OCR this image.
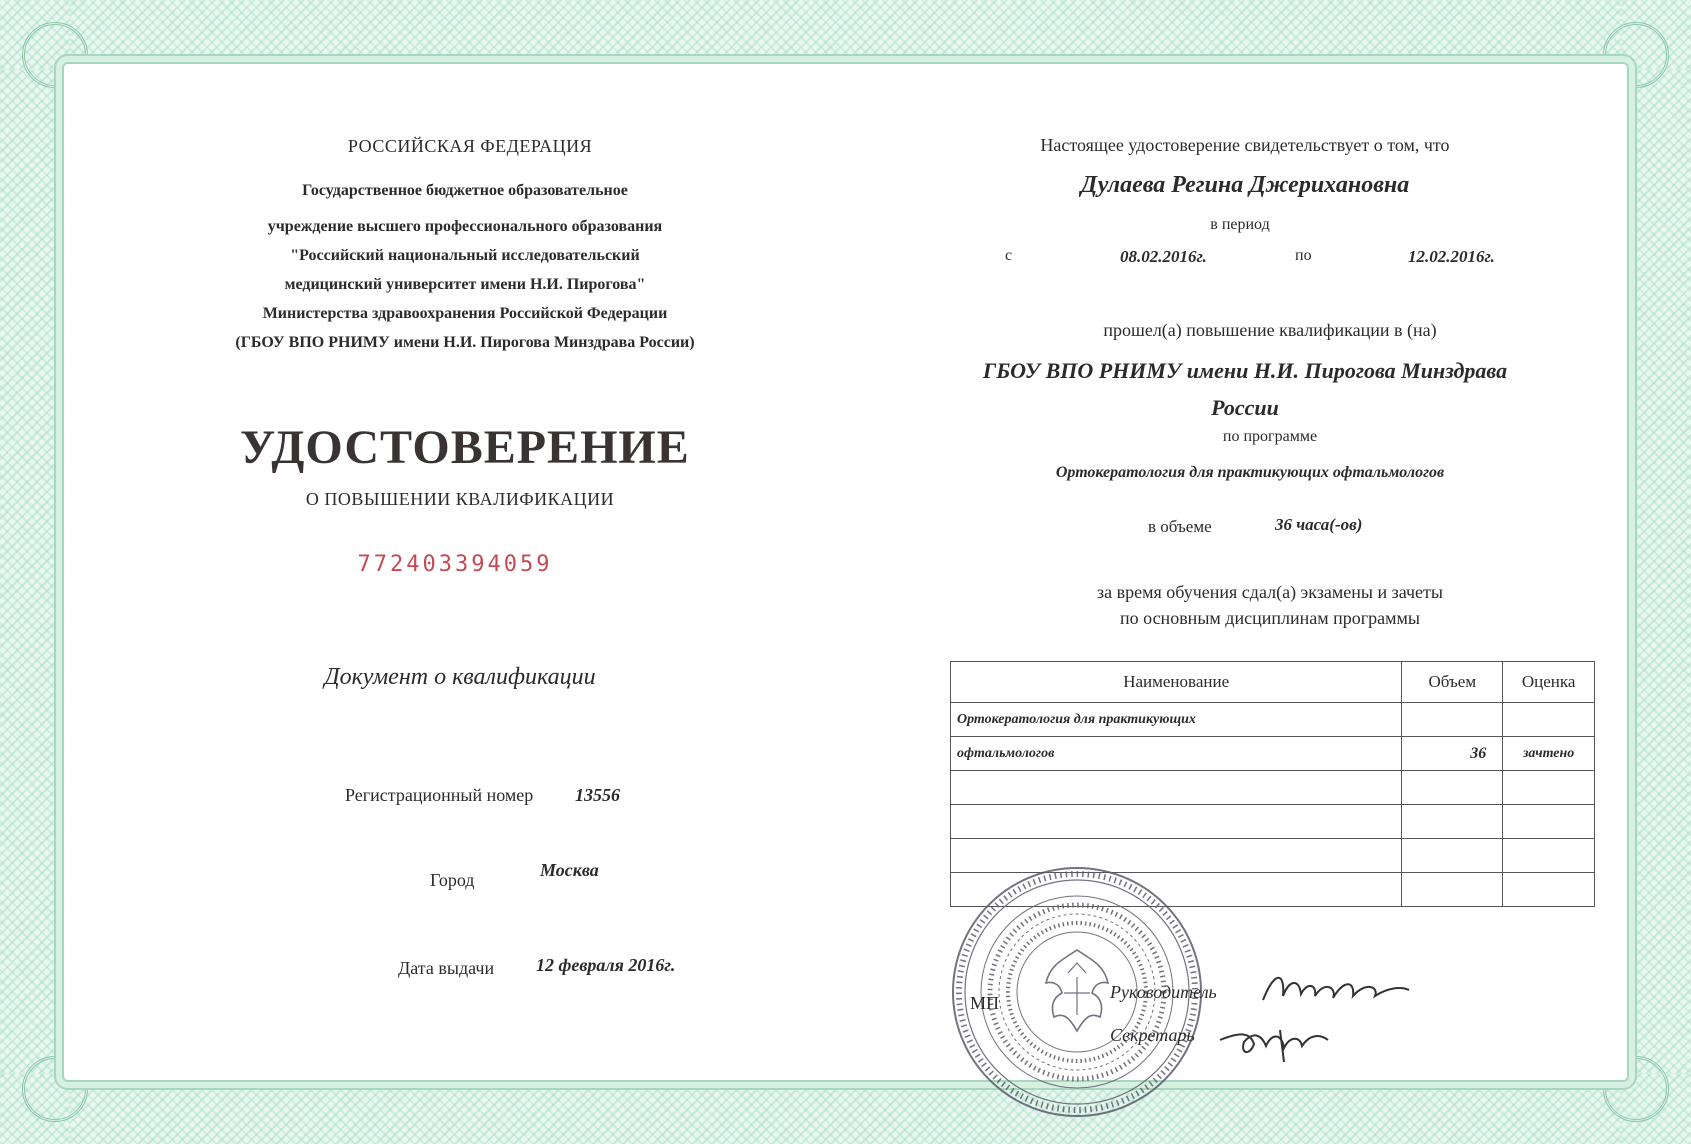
РОССИЙСКАЯ ФЕДЕРАЦИЯ
Государственное бюджетное образовательное
учреждение высшего профессионального образования
"Российский национальный исследовательский
медицинский университет имени Н.И. Пирогова"
Министерства здравоохранения Российской Федерации
(ГБОУ ВПО РНИМУ имени Н.И. Пирогова Минздрава России)
УДОСТОВЕРЕНИЕ
О ПОВЫШЕНИИ КВАЛИФИКАЦИИ
772403394059
Документ о квалификации
Регистрационный номер 13556
Город	Москва
Дата выдачи 12 февраля 2016г.
Настоящее удостоверение свидетельствует о том, что
Дулаева Регина Джерихановна
в период
с	08.02.2016г.	по	12.02.2016г.
прошел(а) повышение квалификации в (на)
ГБОУ ВПО РНИМУ имени Н.И. Пирогова Минздрава
России
по программе
Ортокератология для практикующих офтальмологов
в объеме	36 часа(-ов)
за время обучения сдал(а) экзамены и зачеты
по основным дисциплинам программы
Наименование	Объем	Оценка
Ортокератология для практикующих		
офтальмологов	36	зачтено

МП
Руководитель
Секретарь
